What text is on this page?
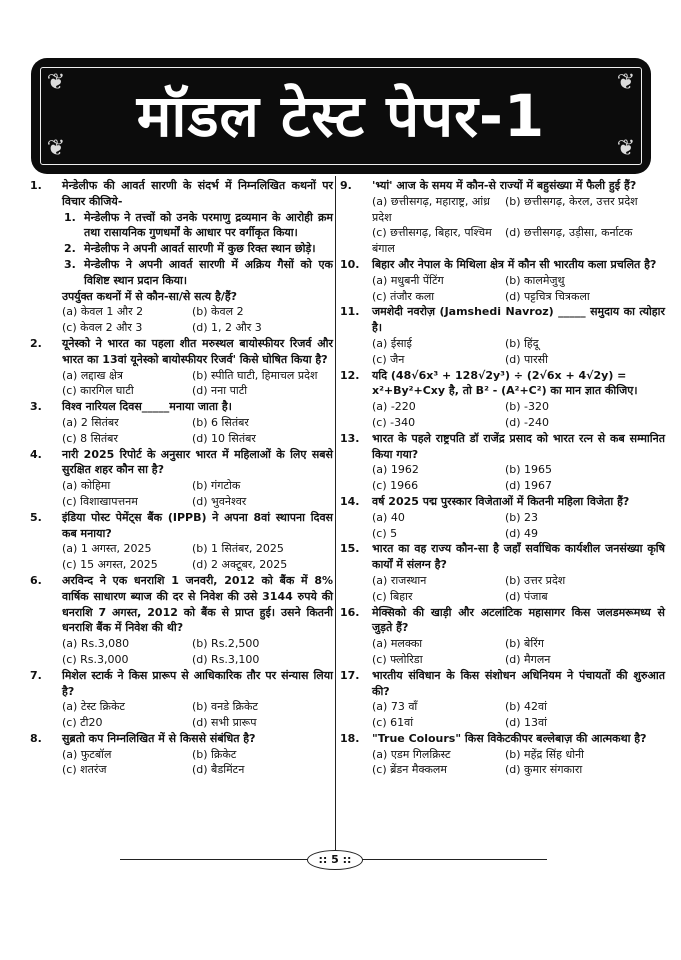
❦	❦
❦	❦
मॉडल टेस्ट पेपर-1
1.	मेन्डेलीफ की आवर्त सारणी के संदर्भ में निम्नलिखित कथनों पर विचार कीजिये-
1. मेन्डेलीफ ने तत्त्वों को उनके परमाणु द्रव्यमान के आरोही क्रम तथा रासायनिक गुणधर्मों के आधार पर वर्गीकृत किया।
2. मेन्डेलीफ ने अपनी आवर्त सारणी में कुछ रिक्त स्थान छोड़े।
3. मेन्डेलीफ ने अपनी आवर्त सारणी में अक्रिय गैसों को एक विशिष्ट स्थान प्रदान किया।
उपर्युक्त कथनों में से कौन-सा/से सत्य है/हैं?
(a) केवल 1 और 2	(b) केवल 2
(c) केवल 2 और 3	(d) 1, 2 और 3
2.	यूनेस्को ने भारत का पहला शीत मरुस्थल बायोस्फीयर रिजर्व और भारत का 13वां यूनेस्को बायोस्फीयर रिजर्व' किसे घोषित किया है?
(a) लद्दाख क्षेत्र	(b) स्पीति घाटी, हिमाचल प्रदेश
(c) कारगिल घाटी	(d) नना पाटी
3.	विश्व नारियल दिवस_____मनाया जाता है।
(a) 2 सितंबर	(b) 6 सितंबर
(c) 8 सितंबर	(d) 10 सितंबर
4.	नारी 2025 रिपोर्ट के अनुसार भारत में महिलाओं के लिए सबसे सुरक्षित शहर कौन सा है?
(a) कोहिमा	(b) गंगटोक
(c) विशाखापत्तनम	(d) भुवनेश्वर
5.	इंडिया पोस्ट पेमेंट्स बैंक (IPPB) ने अपना 8वां स्थापना दिवस कब मनाया?
(a) 1 अगस्त, 2025	(b) 1 सितंबर, 2025
(c) 15 अगस्त, 2025	(d) 2 अक्टूबर, 2025
6.	अरविन्द ने एक धनराशि 1 जनवरी, 2012 को बैंक में 8% वार्षिक साधारण ब्याज की दर से निवेश की उसे 3144 रुपये की धनराशि 7 अगस्त, 2012 को बैंक से प्राप्त हुई। उसने कितनी धनराशि बैंक में निवेश की थी?
(a) Rs.3,080	(b) Rs.2,500
(c) Rs.3,000	(d) Rs.3,100
7.	मिशेल स्टार्क ने किस प्रारूप से आधिकारिक तौर पर संन्यास लिया है?
(a) टेस्ट क्रिकेट	(b) वनडे क्रिकेट
(c) टी20	(d) सभी प्रारूप
8.	सुब्रतो कप निम्नलिखित में से किससे संबंधित है?
(a) फुटबॉल	(b) क्रिकेट
(c) शतरंज	(d) बैडमिंटन
9.	'भ्यां' आज के समय में कौन-से राज्यों में बहुसंख्या में फैली हुई हैं?
(a) छत्तीसगढ़, महाराष्ट्र, आंध्र प्रदेश
(b) छत्तीसगढ़, केरल, उत्तर प्रदेश
(c) छत्तीसगढ़, बिहार, पश्चिम बंगाल
(d) छत्तीसगढ़, उड़ीसा, कर्नाटक
10.	बिहार और नेपाल के मिथिला क्षेत्र में कौन सी भारतीय कला प्रचलित है?
(a) मधुबनी पेंटिंग	(b) कालमेजुथु
(c) तंजौर कला	(d) पट्टचित्र चित्रकला
11.	जमशेदी नवरोज़ (Jamshedi Navroz) _____ समुदाय का त्योहार है।
(a) ईसाई	(b) हिंदू
(c) जैन	(d) पारसी
12.	यदि (48√6x³ + 128√2y³) ÷ (2√6x + 4√2y) =
x²+By²+Cxy है, तो B² - (A²+C²) का मान ज्ञात कीजिए।
(a) -220	(b) -320
(c) -340	(d) -240
13.	भारत के पहले राष्ट्रपति डॉ राजेंद्र प्रसाद को भारत रत्न से कब सम्मानित किया गया?
(a) 1962	(b) 1965
(c) 1966	(d) 1967
14.	वर्ष 2025 पद्म पुरस्कार विजेताओं में कितनी महिला विजेता हैं?
(a) 40	(b) 23
(c) 5	(d) 49
15.	भारत का वह राज्य कौन-सा है जहाँ सर्वाधिक कार्यशील जनसंख्या कृषि कार्यों में संलग्न है?
(a) राजस्थान	(b) उत्तर प्रदेश
(c) बिहार	(d) पंजाब
16.	मेक्सिको की खाड़ी और अटलांटिक महासागर किस जलडमरूमध्य से जुड़ते हैं?
(a) मलक्का	(b) बेरिंग
(c) फ्लोरिडा	(d) मैगलन
17.	भारतीय संविधान के किस संशोधन अधिनियम ने पंचायतों की शुरुआत की?
(a) 73 वाँ	(b) 42वां
(c) 61वां	(d) 13वां
18.	"True Colours" किस विकेटकीपर बल्लेबाज़ की आत्मकथा है?
(a) एडम गिलक्रिस्ट	(b) महेंद्र सिंह धोनी
(c) ब्रेंडन मैक्कलम	(d) कुमार संगकारा
:: 5 ::
